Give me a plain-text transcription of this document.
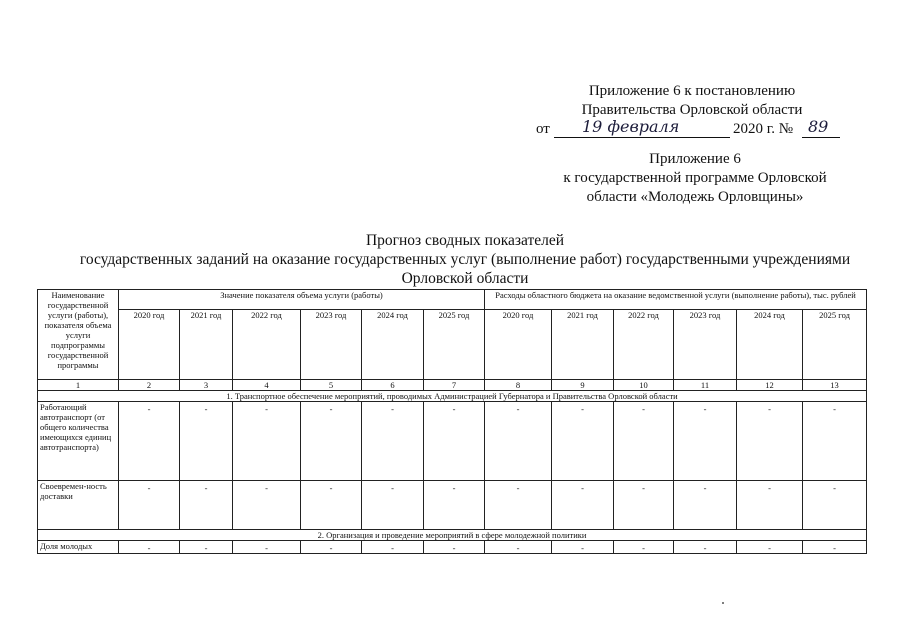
Приложение 6 к постановлению
Правительства Орловской области
от 19 февраля	2020 г. № 89
Приложение 6
к государственной программе Орловской
области «Молодежь Орловщины»
Прогноз сводных показателей
государственных заданий на оказание государственных услуг (выполнение работ) государственными учреждениями
Орловской области
Наименование государственной услуги (работы), показателя объема услуги подпрограммы государственной программы	Значение показателя объема услуги (работы)						Расходы областного бюджета на оказание ведомственной услуги (выполнение работы), тыс. рублей					
	2020 год	2021 год	2022 год	2023 год	2024 год	2025 год	2020 год	2021 год	2022 год	2023 год	2024 год	2025 год
1	2	3	4	5	6	7	8	9	10	11	12	13
1. Транспортное обеспечение мероприятий, проводимых Администрацией Губернатора и Правительства Орловской области												
Работающий автотранспорт (от общего количества имеющихся единиц автотранспорта)	-	-	-	-	-	-	-	-	-	-	-	-
Своевремен-ность доставки	-	-	-	-	-	-	-	-	-	-	-	-
2. Организация и проведение мероприятий в сфере молодежной политики												
Доля молодых	-	-	-	-	-	-	-	-	-	-	-	-
